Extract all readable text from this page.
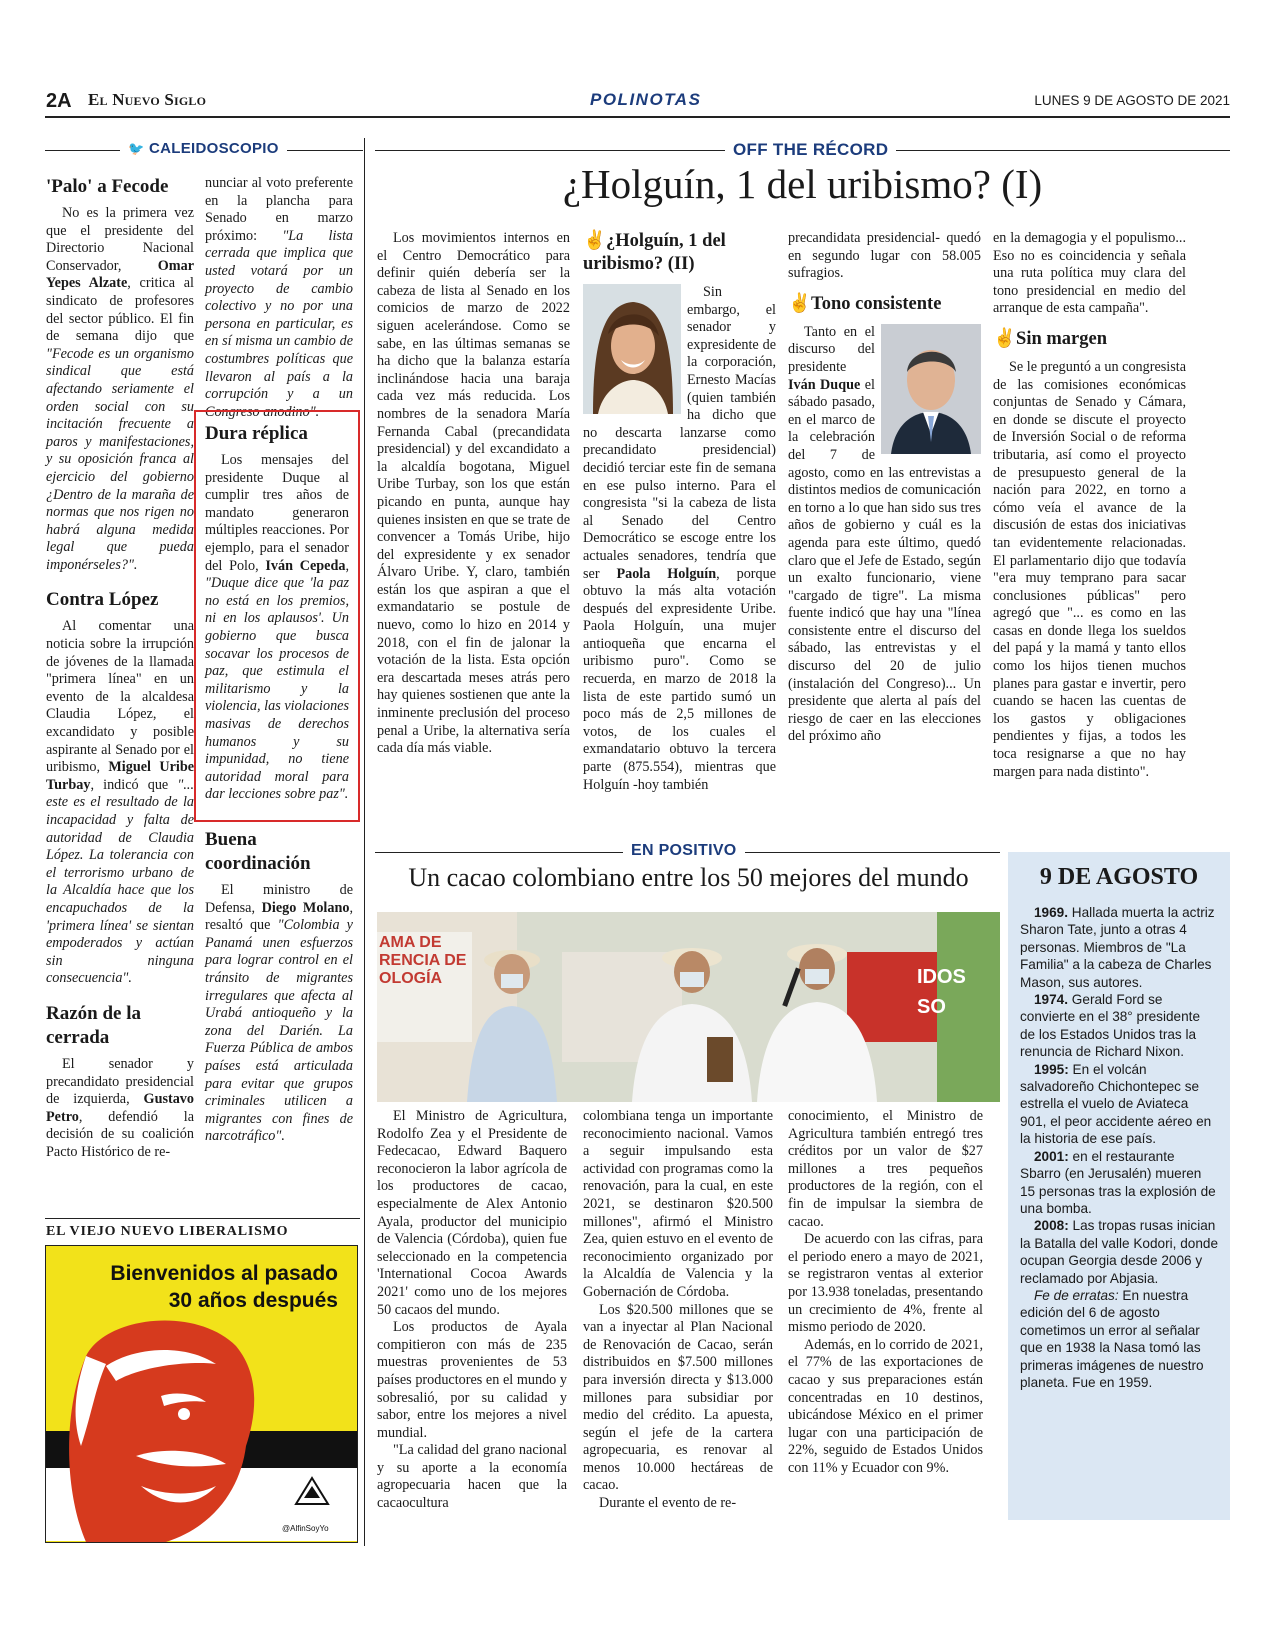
2A El Nuevo Siglo	POLINOTAS	LUNES 9 DE AGOSTO DE 2021
🐦 CALEIDOSCOPIO
'Palo' a Fecode

No es la primera vez que el presidente del Directorio Nacional Conservador, Omar Yepes Alzate, critica al sindicato de profesores del sector público. El fin de semana dijo que "Fecode es un organismo sindical que está afectando seriamente el orden social con su incitación frecuente a paros y manifestaciones, y su oposición franca al ejercicio del gobierno ¿Dentro de la maraña de normas que nos rigen no habrá alguna medida legal que pueda imponérseles?".

Contra López

Al comentar una noticia sobre la irrupción de jóvenes de la llamada "primera línea" en un evento de la alcaldesa Claudia López, el excandidato y posible aspirante al Senado por el uribismo, Miguel Uribe Turbay, indicó que "... este es el resultado de la incapacidad y falta de autoridad de Claudia López. La tolerancia con el terrorismo urbano de la Alcaldía hace que los encapuchados de la 'primera línea' se sientan empoderados y actúan sin ninguna consecuencia".

Razón de la cerrada

El senador y precandidato presidencial de izquierda, Gustavo Petro, defendió la decisión de su coalición Pacto Histórico de re-

nunciar al voto preferente en la plancha para Senado en marzo próximo: "La lista cerrada que implica que usted votará por un proyecto de cambio colectivo y no por una persona en particular, es en sí misma un cambio de costumbres políticas que llevaron al país a la corrupción y a un Congreso anodino".

Dura réplica

Los mensajes del presidente Duque al cumplir tres años de mandato generaron múltiples reacciones. Por ejemplo, para el senador del Polo, Iván Cepeda, "Duque dice que 'la paz no está en los premios, ni en los aplausos'. Un gobierno que busca socavar los procesos de paz, que estimula el militarismo y la violencia, las violaciones masivas de derechos humanos y su impunidad, no tiene autoridad moral para dar lecciones sobre paz".

Buena coordinación

El ministro de Defensa, Diego Molano, resaltó que "Colombia y Panamá unen esfuerzos para lograr control en el tránsito de migrantes irregulares que afecta al Urabá antioqueño y la zona del Darién. La Fuerza Pública de ambos países está articulada para evitar que grupos criminales utilicen a migrantes con fines de narcotráfico".

EL VIEJO NUEVO LIBERALISMO
Bienvenidos al pasado 30 años después
@AlfinSoyYo
OFF THE RÉCORD
¿Holguín, 1 del uribismo? (I)

Los movimientos internos en el Centro Democrático para definir quién debería ser la cabeza de lista al Senado en los comicios de marzo de 2022 siguen acelerándose. Como se sabe, en las últimas semanas se ha dicho que la balanza estaría inclinándose hacia una baraja cada vez más reducida. Los nombres de la senadora María Fernanda Cabal (precandidata presidencial) y del excandidato a la alcaldía bogotana, Miguel Uribe Turbay, son los que están picando en punta, aunque hay quienes insisten en que se trate de convencer a Tomás Uribe, hijo del expresidente y ex senador Álvaro Uribe. Y, claro, también están los que aspiran a que el exmandatario se postule de nuevo, como lo hizo en 2014 y 2018, con el fin de jalonar la votación de la lista. Esta opción era descartada meses atrás pero hay quienes sostienen que ante la inminente preclusión del proceso penal a Uribe, la alternativa sería cada día más viable.

✌¿Holguín, 1 del uribismo? (II)

Sin embargo, el senador y expresidente de la corporación, Ernesto Macías (quien también ha dicho que no descarta lanzarse como precandidato presidencial) decidió terciar este fin de semana en ese pulso interno. Para el congresista "si la cabeza de lista al Senado del Centro Democrático se escoge entre los actuales senadores, tendría que ser Paola Holguín, porque obtuvo la más alta votación después del expresidente Uribe. Paola Holguín, una mujer antioqueña que encarna el uribismo puro". Como se recuerda, en marzo de 2018 la lista de este partido sumó un poco más de 2,5 millones de votos, de los cuales el exmandatario obtuvo la tercera parte (875.554), mientras que Holguín -hoy también

precandidata presidencial- quedó en segundo lugar con 58.005 sufragios.

✌Tono consistente

Tanto en el discurso del presidente Iván Duque el sábado pasado, en el marco de la celebración del 7 de agosto, como en las entrevistas a distintos medios de comunicación en torno a lo que han sido sus tres años de gobierno y cuál es la agenda para este último, quedó claro que el Jefe de Estado, según un exalto funcionario, viene "cargado de tigre". La misma fuente indicó que hay una "línea consistente entre el discurso del sábado, las entrevistas y el discurso del 20 de julio (instalación del Congreso)... Un presidente que alerta al país del riesgo de caer en las elecciones del próximo año

en la demagogia y el populismo... Eso no es coincidencia y señala una ruta política muy clara del tono presidencial en medio del arranque de esta campaña".

✌Sin margen

Se le preguntó a un congresista de las comisiones económicas conjuntas de Senado y Cámara, en donde se discute el proyecto de Inversión Social o de reforma tributaria, así como el proyecto de presupuesto general de la nación para 2022, en torno a cómo veía el avance de la discusión de estas dos iniciativas tan evidentemente relacionadas. El parlamentario dijo que todavía "era muy temprano para sacar conclusiones públicas" pero agregó que "... es como en las casas en donde llega los sueldos del papá y la mamá y tanto ellos como los hijos tienen muchos planes para gastar e invertir, pero cuando se hacen las cuentas de los gastos y obligaciones pendientes y fijas, a todos les toca resignarse a que no hay margen para nada distinto".

EN POSITIVO
Un cacao colombiano entre los 50 mejores del mundo
AMA DE
RENCIA DE
OLOGÍA	IDOS
SO

El Ministro de Agricultura, Rodolfo Zea y el Presidente de Fedecacao, Edward Baquero reconocieron la labor agrícola de los productores de cacao, especialmente de Alex Antonio Ayala, productor del municipio de Valencia (Córdoba), quien fue seleccionado en la competencia 'International Cocoa Awards 2021' como uno de los mejores 50 cacaos del mundo.

Los productos de Ayala compitieron con más de 235 muestras provenientes de 53 países productores en el mundo y sobresalió, por su calidad y sabor, entre los mejores a nivel mundial.

"La calidad del grano nacional y su aporte a la economía agropecuaria hacen que la cacaocultura

colombiana tenga un importante reconocimiento nacional. Vamos a seguir impulsando esta actividad con programas como la renovación, para la cual, en este 2021, se destinaron $20.500 millones", afirmó el Ministro Zea, quien estuvo en el evento de reconocimiento organizado por la Alcaldía de Valencia y la Gobernación de Córdoba.

Los $20.500 millones que se van a inyectar al Plan Nacional de Renovación de Cacao, serán distribuidos en $7.500 millones para inversión directa y $13.000 millones para subsidiar por medio del crédito. La apuesta, según el jefe de la cartera agropecuaria, es renovar al menos 10.000 hectáreas de cacao.

Durante el evento de re-

conocimiento, el Ministro de Agricultura también entregó tres créditos por un valor de $27 millones a tres pequeños productores de la región, con el fin de impulsar la siembra de cacao.

De acuerdo con las cifras, para el periodo enero a mayo de 2021, se registraron ventas al exterior por 13.938 toneladas, presentando un crecimiento de 4%, frente al mismo periodo de 2020.

Además, en lo corrido de 2021, el 77% de las exportaciones de cacao y sus preparaciones están concentradas en 10 destinos, ubicándose México en el primer lugar con una participación de 22%, seguido de Estados Unidos con 11% y Ecuador con 9%.

9 DE AGOSTO

1969. Hallada muerta la actriz Sharon Tate, junto a otras 4 personas. Miembros de "La Familia" a la cabeza de Charles Mason, sus autores.

1974. Gerald Ford se convierte en el 38° presidente de los Estados Unidos tras la renuncia de Richard Nixon.

1995: En el volcán salvadoreño Chichontepec se estrella el vuelo de Aviateca 901, el peor accidente aéreo en la historia de ese país.

2001: en el restaurante Sbarro (en Jerusalén) mueren 15 personas tras la explosión de una bomba.

2008: Las tropas rusas inician la Batalla del valle Kodori, donde ocupan Georgia desde 2006 y reclamado por Abjasia.

Fe de erratas: En nuestra edición del 6 de agosto cometimos un error al señalar que en 1938 la Nasa tomó las primeras imágenes de nuestro planeta. Fue en 1959.
